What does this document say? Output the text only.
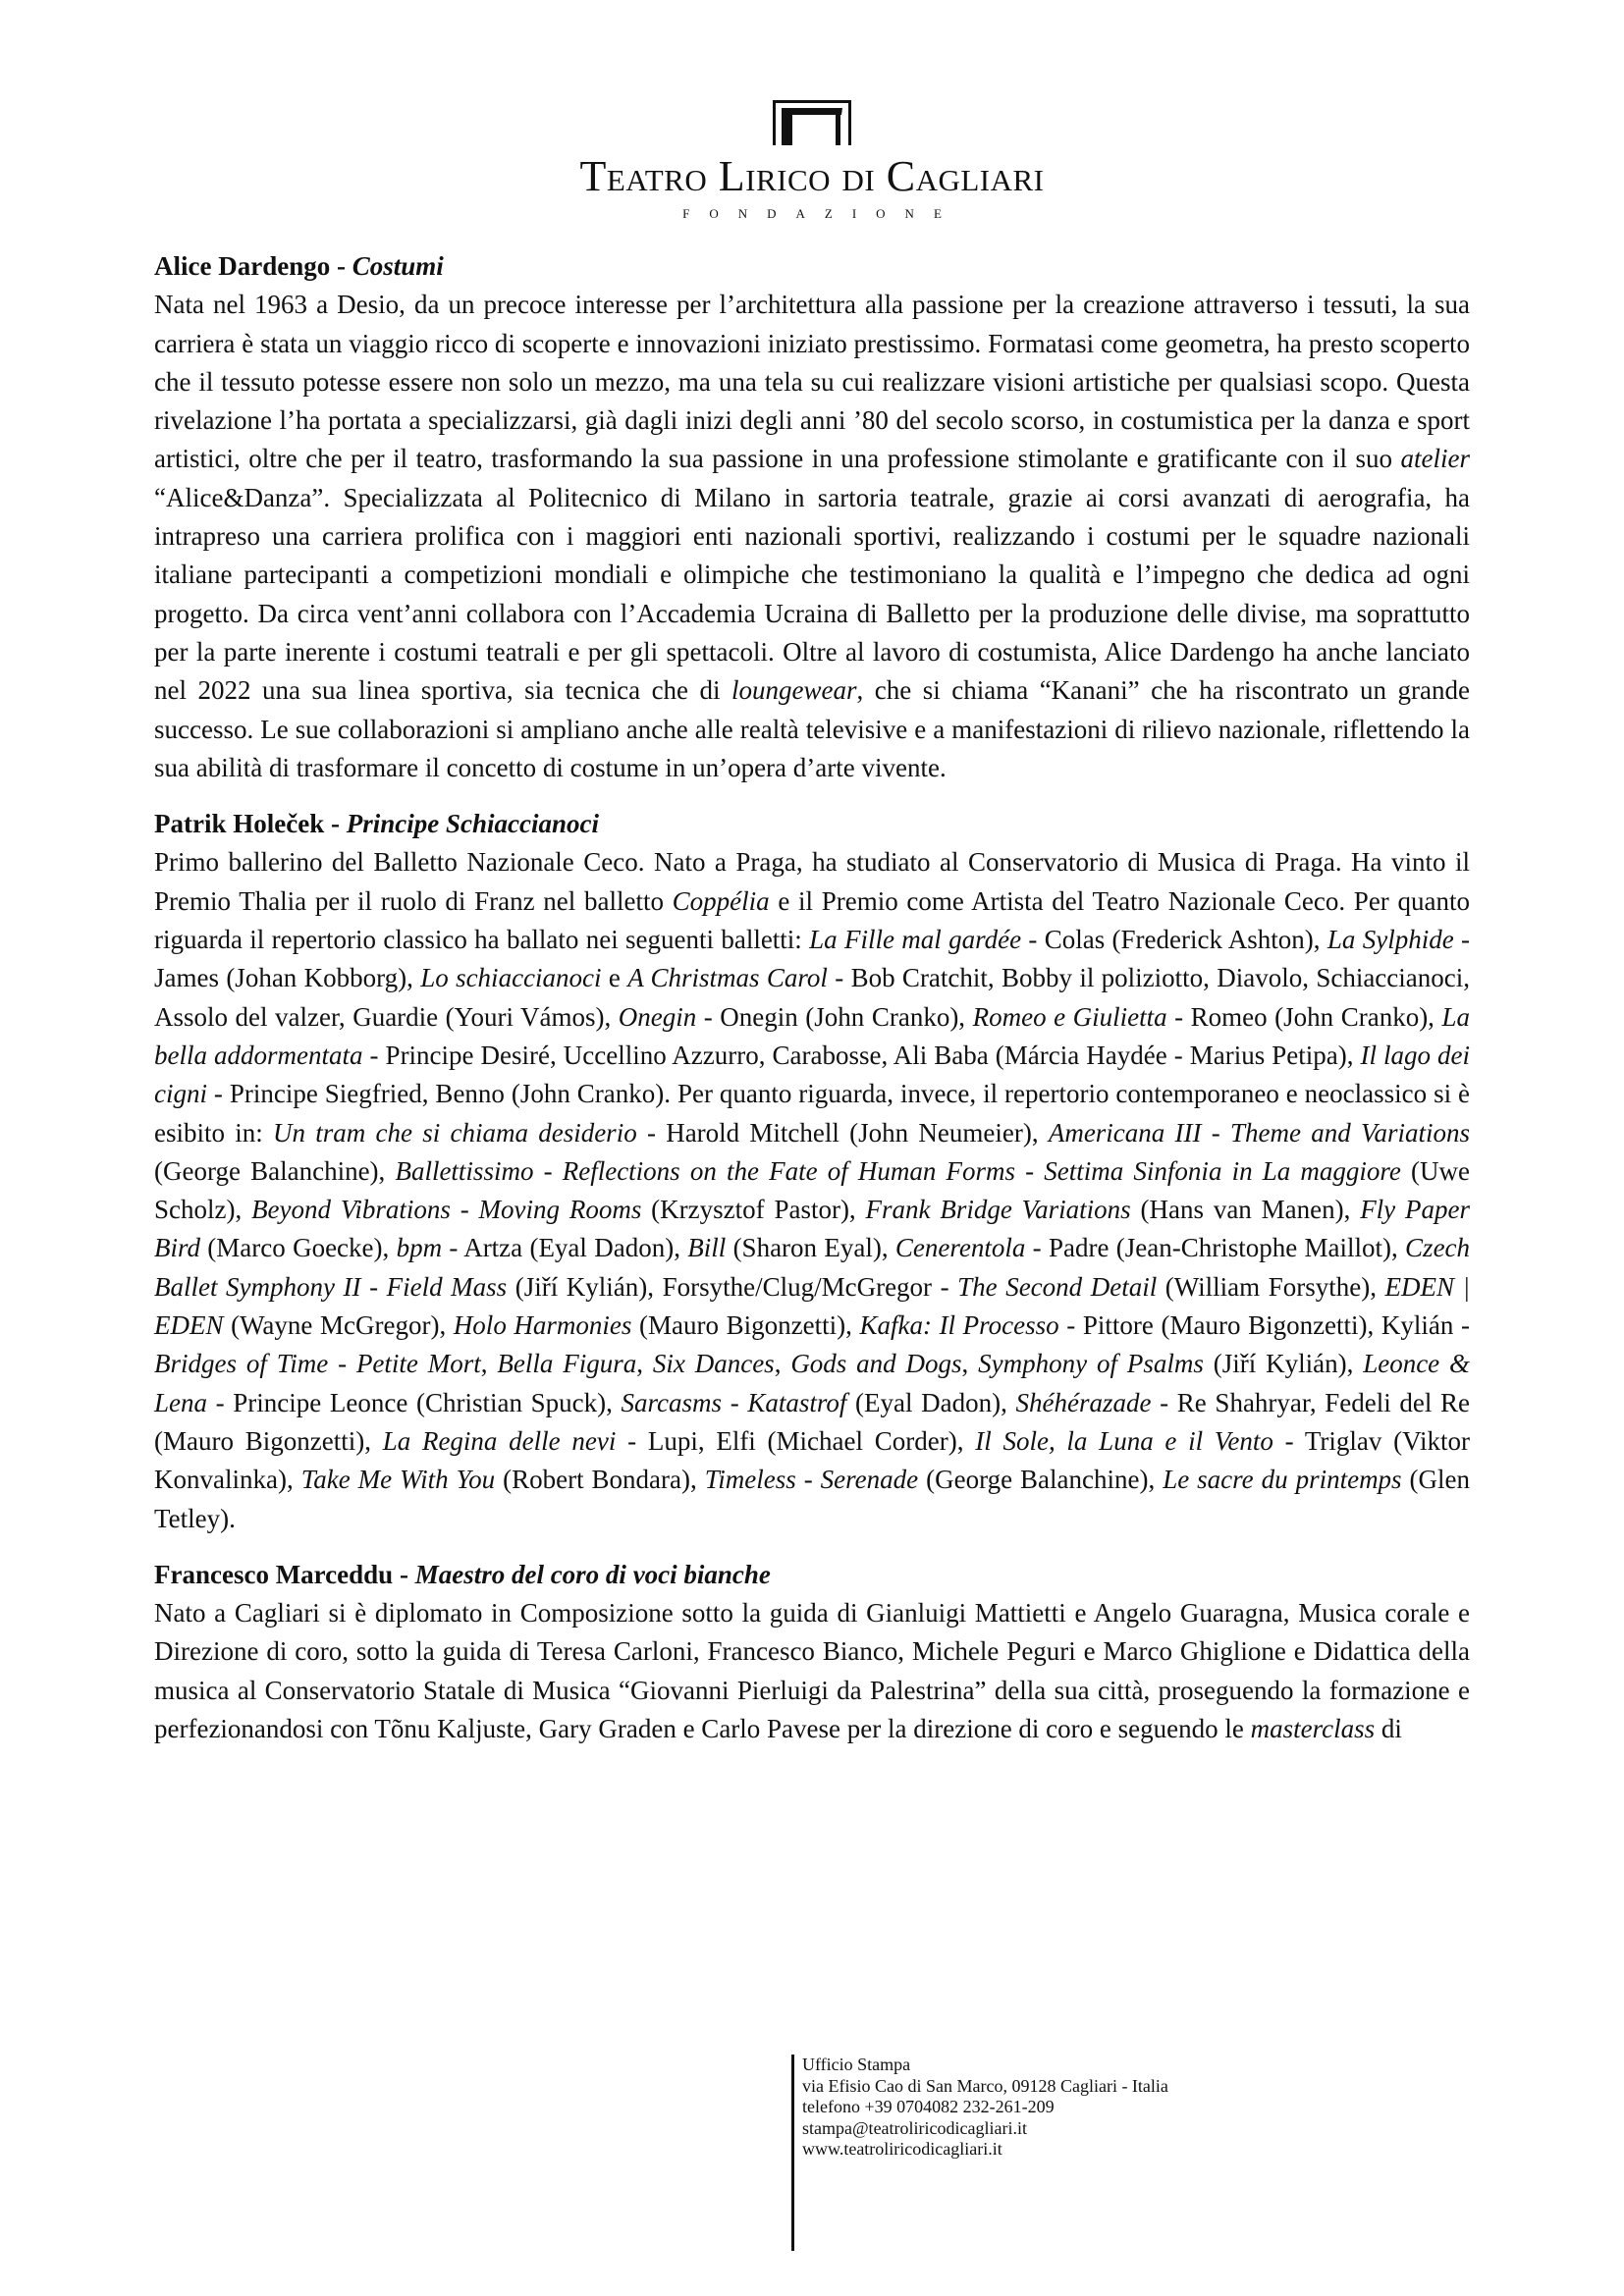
Teatro Lirico di Cagliari
FONDAZIONE
Alice Dardengo - Costumi

Nata nel 1963 a Desio, da un precoce interesse per l’architettura alla passione per la creazione attraverso i tessuti, la sua carriera è stata un viaggio ricco di scoperte e innovazioni iniziato prestissimo. Formatasi come geometra, ha presto scoperto che il tessuto potesse essere non solo un mezzo, ma una tela su cui realizzare visioni artistiche per qualsiasi scopo. Questa rivelazione l’ha portata a specializzarsi, già dagli inizi degli anni ’80 del secolo scorso, in costumistica per la danza e sport artistici, oltre che per il teatro, trasformando la sua passione in una professione stimolante e gratificante con il suo atelier “Alice&Danza”. Specializzata al Politecnico di Milano in sartoria teatrale, grazie ai corsi avanzati di aerografia, ha intrapreso una carriera prolifica con i maggiori enti nazionali sportivi, realizzando i costumi per le squadre nazionali italiane partecipanti a competizioni mondiali e olimpiche che testimoniano la qualità e l’impegno che dedica ad ogni progetto. Da circa vent’anni collabora con l’Accademia Ucraina di Balletto per la produzione delle divise, ma soprattutto per la parte inerente i costumi teatrali e per gli spettacoli. Oltre al lavoro di costumista, Alice Dardengo ha anche lanciato nel 2022 una sua linea sportiva, sia tecnica che di loungewear, che si chiama “Kanani” che ha riscontrato un grande successo. Le sue collaborazioni si ampliano anche alle realtà televisive e a manifestazioni di rilievo nazionale, riflettendo la sua abilità di trasformare il concetto di costume in un’opera d’arte vivente.

Patrik Holeček - Principe Schiaccianoci

Primo ballerino del Balletto Nazionale Ceco. Nato a Praga, ha studiato al Conservatorio di Musica di Praga. Ha vinto il Premio Thalia per il ruolo di Franz nel balletto Coppélia e il Premio come Artista del Teatro Nazionale Ceco. Per quanto riguarda il repertorio classico ha ballato nei seguenti balletti: La Fille mal gardée - Colas (Frederick Ashton), La Sylphide - James (Johan Kobborg), Lo schiaccianoci e A Christmas Carol - Bob Cratchit, Bobby il poliziotto, Diavolo, Schiaccianoci, Assolo del valzer, Guardie (Youri Vámos), Onegin - Onegin (John Cranko), Romeo e Giulietta - Romeo (John Cranko), La bella addormentata - Principe Desiré, Uccellino Azzurro, Carabosse, Ali Baba (Márcia Haydée - Marius Petipa), Il lago dei cigni - Principe Siegfried, Benno (John Cranko). Per quanto riguarda, invece, il repertorio contemporaneo e neoclassico si è esibito in: Un tram che si chiama desiderio - Harold Mitchell (John Neumeier), Americana III - Theme and Variations (George Balanchine), Ballettissimo - Reflections on the Fate of Human Forms - Settima Sinfonia in La maggiore (Uwe Scholz), Beyond Vibrations - Moving Rooms (Krzysztof Pastor), Frank Bridge Variations (Hans van Manen), Fly Paper Bird (Marco Goecke), bpm - Artza (Eyal Dadon), Bill (Sharon Eyal), Cenerentola - Padre (Jean-Christophe Maillot), Czech Ballet Symphony II - Field Mass (Jiří Kylián), Forsythe/Clug/McGregor - The Second Detail (William Forsythe), EDEN | EDEN (Wayne McGregor), Holo Harmonies (Mauro Bigonzetti), Kafka: Il Processo - Pittore (Mauro Bigonzetti), Kylián - Bridges of Time - Petite Mort, Bella Figura, Six Dances, Gods and Dogs, Symphony of Psalms (Jiří Kylián), Leonce & Lena - Principe Leonce (Christian Spuck), Sarcasms - Katastrof (Eyal Dadon), Shéhérazade - Re Shahryar, Fedeli del Re (Mauro Bigonzetti), La Regina delle nevi - Lupi, Elfi (Michael Corder), Il Sole, la Luna e il Vento - Triglav (Viktor Konvalinka), Take Me With You (Robert Bondara), Timeless - Serenade (George Balanchine), Le sacre du printemps (Glen Tetley).

Francesco Marceddu - Maestro del coro di voci bianche

Nato a Cagliari si è diplomato in Composizione sotto la guida di Gianluigi Mattietti e Angelo Guaragna, Musica corale e Direzione di coro, sotto la guida di Teresa Carloni, Francesco Bianco, Michele Peguri e Marco Ghiglione e Didattica della musica al Conservatorio Statale di Musica “Giovanni Pierluigi da Palestrina” della sua città, proseguendo la formazione e perfezionandosi con Tõnu Kaljuste, Gary Graden e Carlo Pavese per la direzione di coro e seguendo le masterclass di

Ufficio Stampa
via Efisio Cao di San Marco, 09128 Cagliari - Italia
telefono +39 0704082 232-261-209
stampa@teatroliricodicagliari.it
www.teatroliricodicagliari.it
